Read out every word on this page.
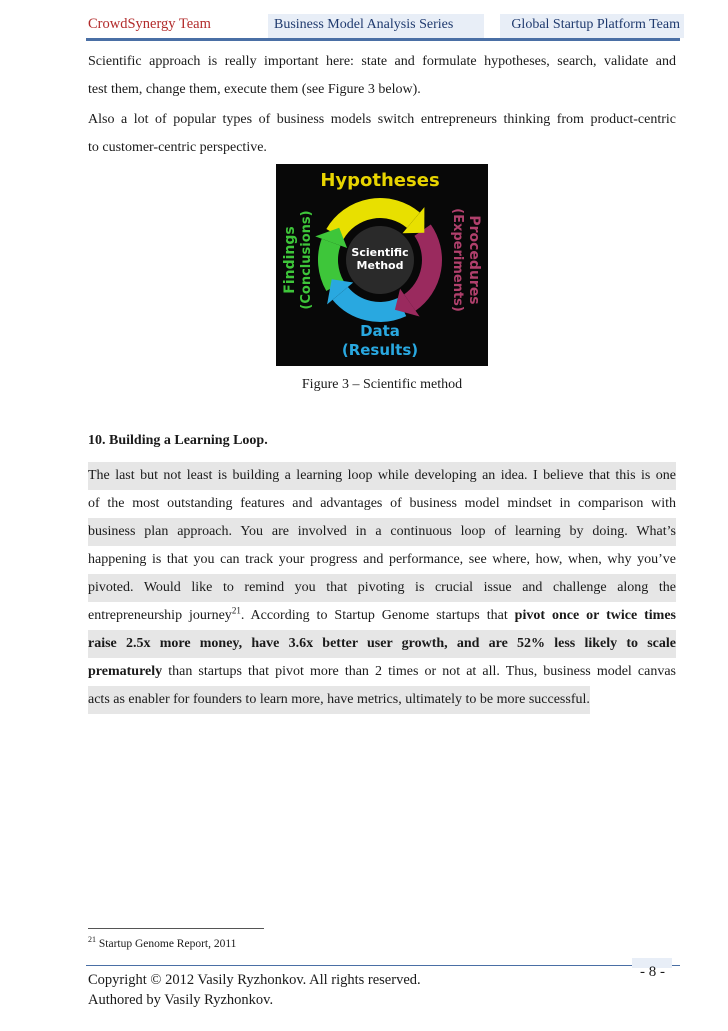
CrowdSynergy Team	Business Model Analysis Series	Global Startup Platform Team
Scientific approach is really important here: state and formulate hypotheses, search, validate and
test them, change them, execute them (see Figure 3 below).
Also a lot of popular types of business models switch entrepreneurs thinking from product-centric
to customer-centric perspective.
Scientific
Method
Hypotheses
Data
(Results)
Findings (Conclusions)	Procedures
(Experiments)
Figure 3 – Scientific method
10. Building a Learning Loop.
The last but not least is building a learning loop while developing an idea. I believe that this is one
of the most outstanding features and advantages of business model mindset in comparison with
business plan approach. You are involved in a continuous loop of learning by doing. What’s
happening is that you can track your progress and performance, see where, how, when, why you’ve
pivoted. Would like to remind you that pivoting is crucial issue and challenge along the
entrepreneurship journey$^{21}$. According to Startup Genome startups that pivot once or twice times
raise 2.5x more money, have 3.6x better user growth, and are 52% less likely to scale
prematurely than startups that pivot more than 2 times or not at all. Thus, business model canvas
acts as enabler for founders to learn more, have metrics, ultimately to be more successful.
$^{21}$ Startup Genome Report, 2011
- 8 -
Copyright © 2012 Vasily Ryzhonkov. All rights reserved.
Authored by Vasily Ryzhonkov.
